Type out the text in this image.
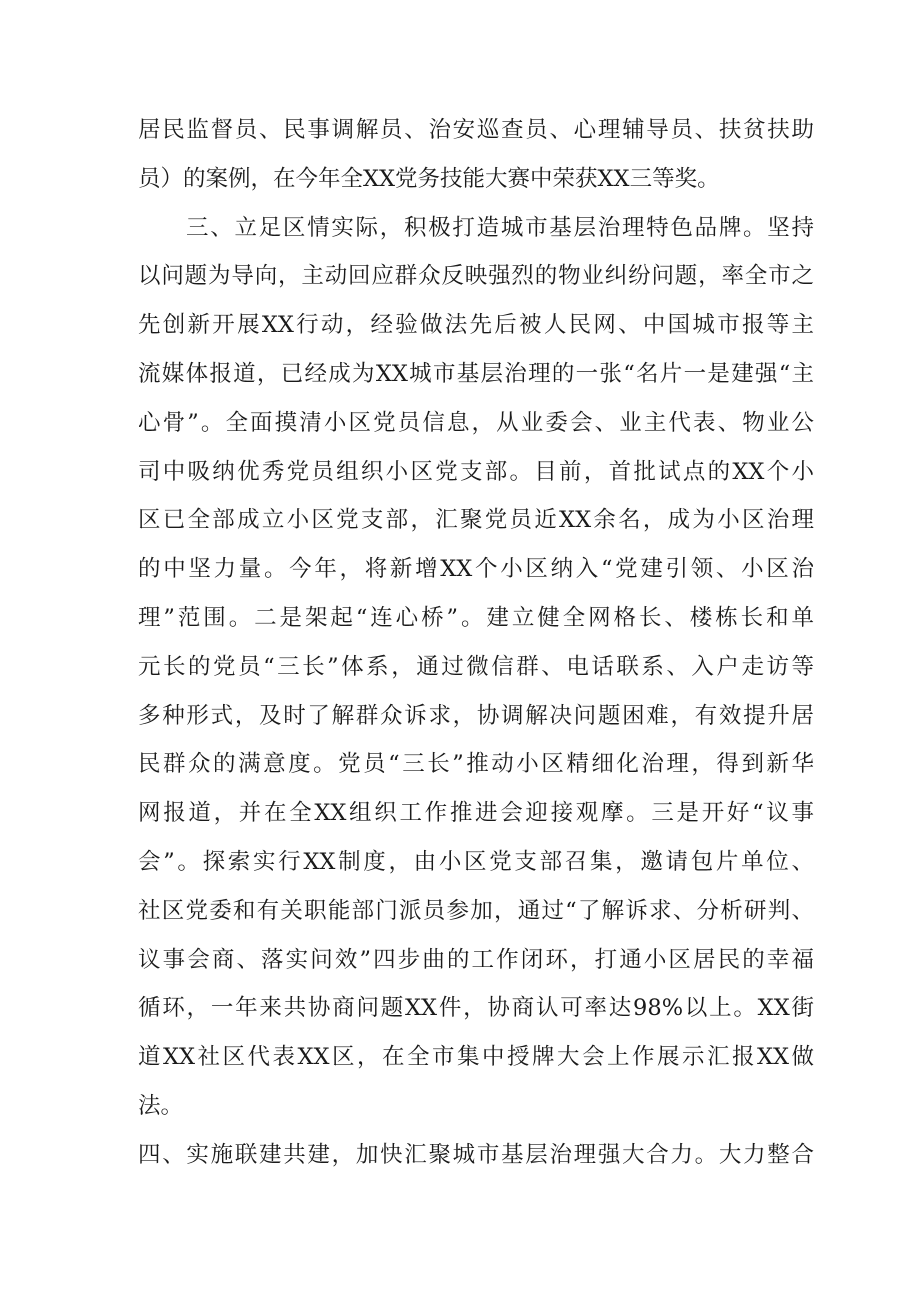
居民监督员、民事调解员、治安巡查员、心理辅导员、扶贫扶助
员）的案例，在今年全XX党务技能大赛中荣获XX三等奖。
三、立足区情实际，积极打造城市基层治理特色品牌。坚持
以问题为导向，主动回应群众反映强烈的物业纠纷问题，率全市之
先创新开展XX行动，经验做法先后被人民网、中国城市报等主
流媒体报道，已经成为XX城市基层治理的一张“名片一是建强“主
心骨”。全面摸清小区党员信息，从业委会、业主代表、物业公
司中吸纳优秀党员组织小区党支部。目前，首批试点的XX个小
区已全部成立小区党支部，汇聚党员近XX余名，成为小区治理
的中坚力量。今年，将新增XX个小区纳入“党建引领、小区治
理”范围。二是架起“连心桥”。建立健全网格长、楼栋长和单
元长的党员“三长”体系，通过微信群、电话联系、入户走访等
多种形式，及时了解群众诉求，协调解决问题困难，有效提升居
民群众的满意度。党员“三长”推动小区精细化治理，得到新华
网报道，并在全XX组织工作推进会迎接观摩。三是开好“议事
会”。探索实行XX制度，由小区党支部召集，邀请包片单位、
社区党委和有关职能部门派员参加，通过“了解诉求、分析研判、
议事会商、落实问效”四步曲的工作闭环，打通小区居民的幸福
循环，一年来共协商问题XX件，协商认可率达98%以上。XX街
道XX社区代表XX区，在全市集中授牌大会上作展示汇报XX做
法。
四、实施联建共建，加快汇聚城市基层治理强大合力。大力整合
